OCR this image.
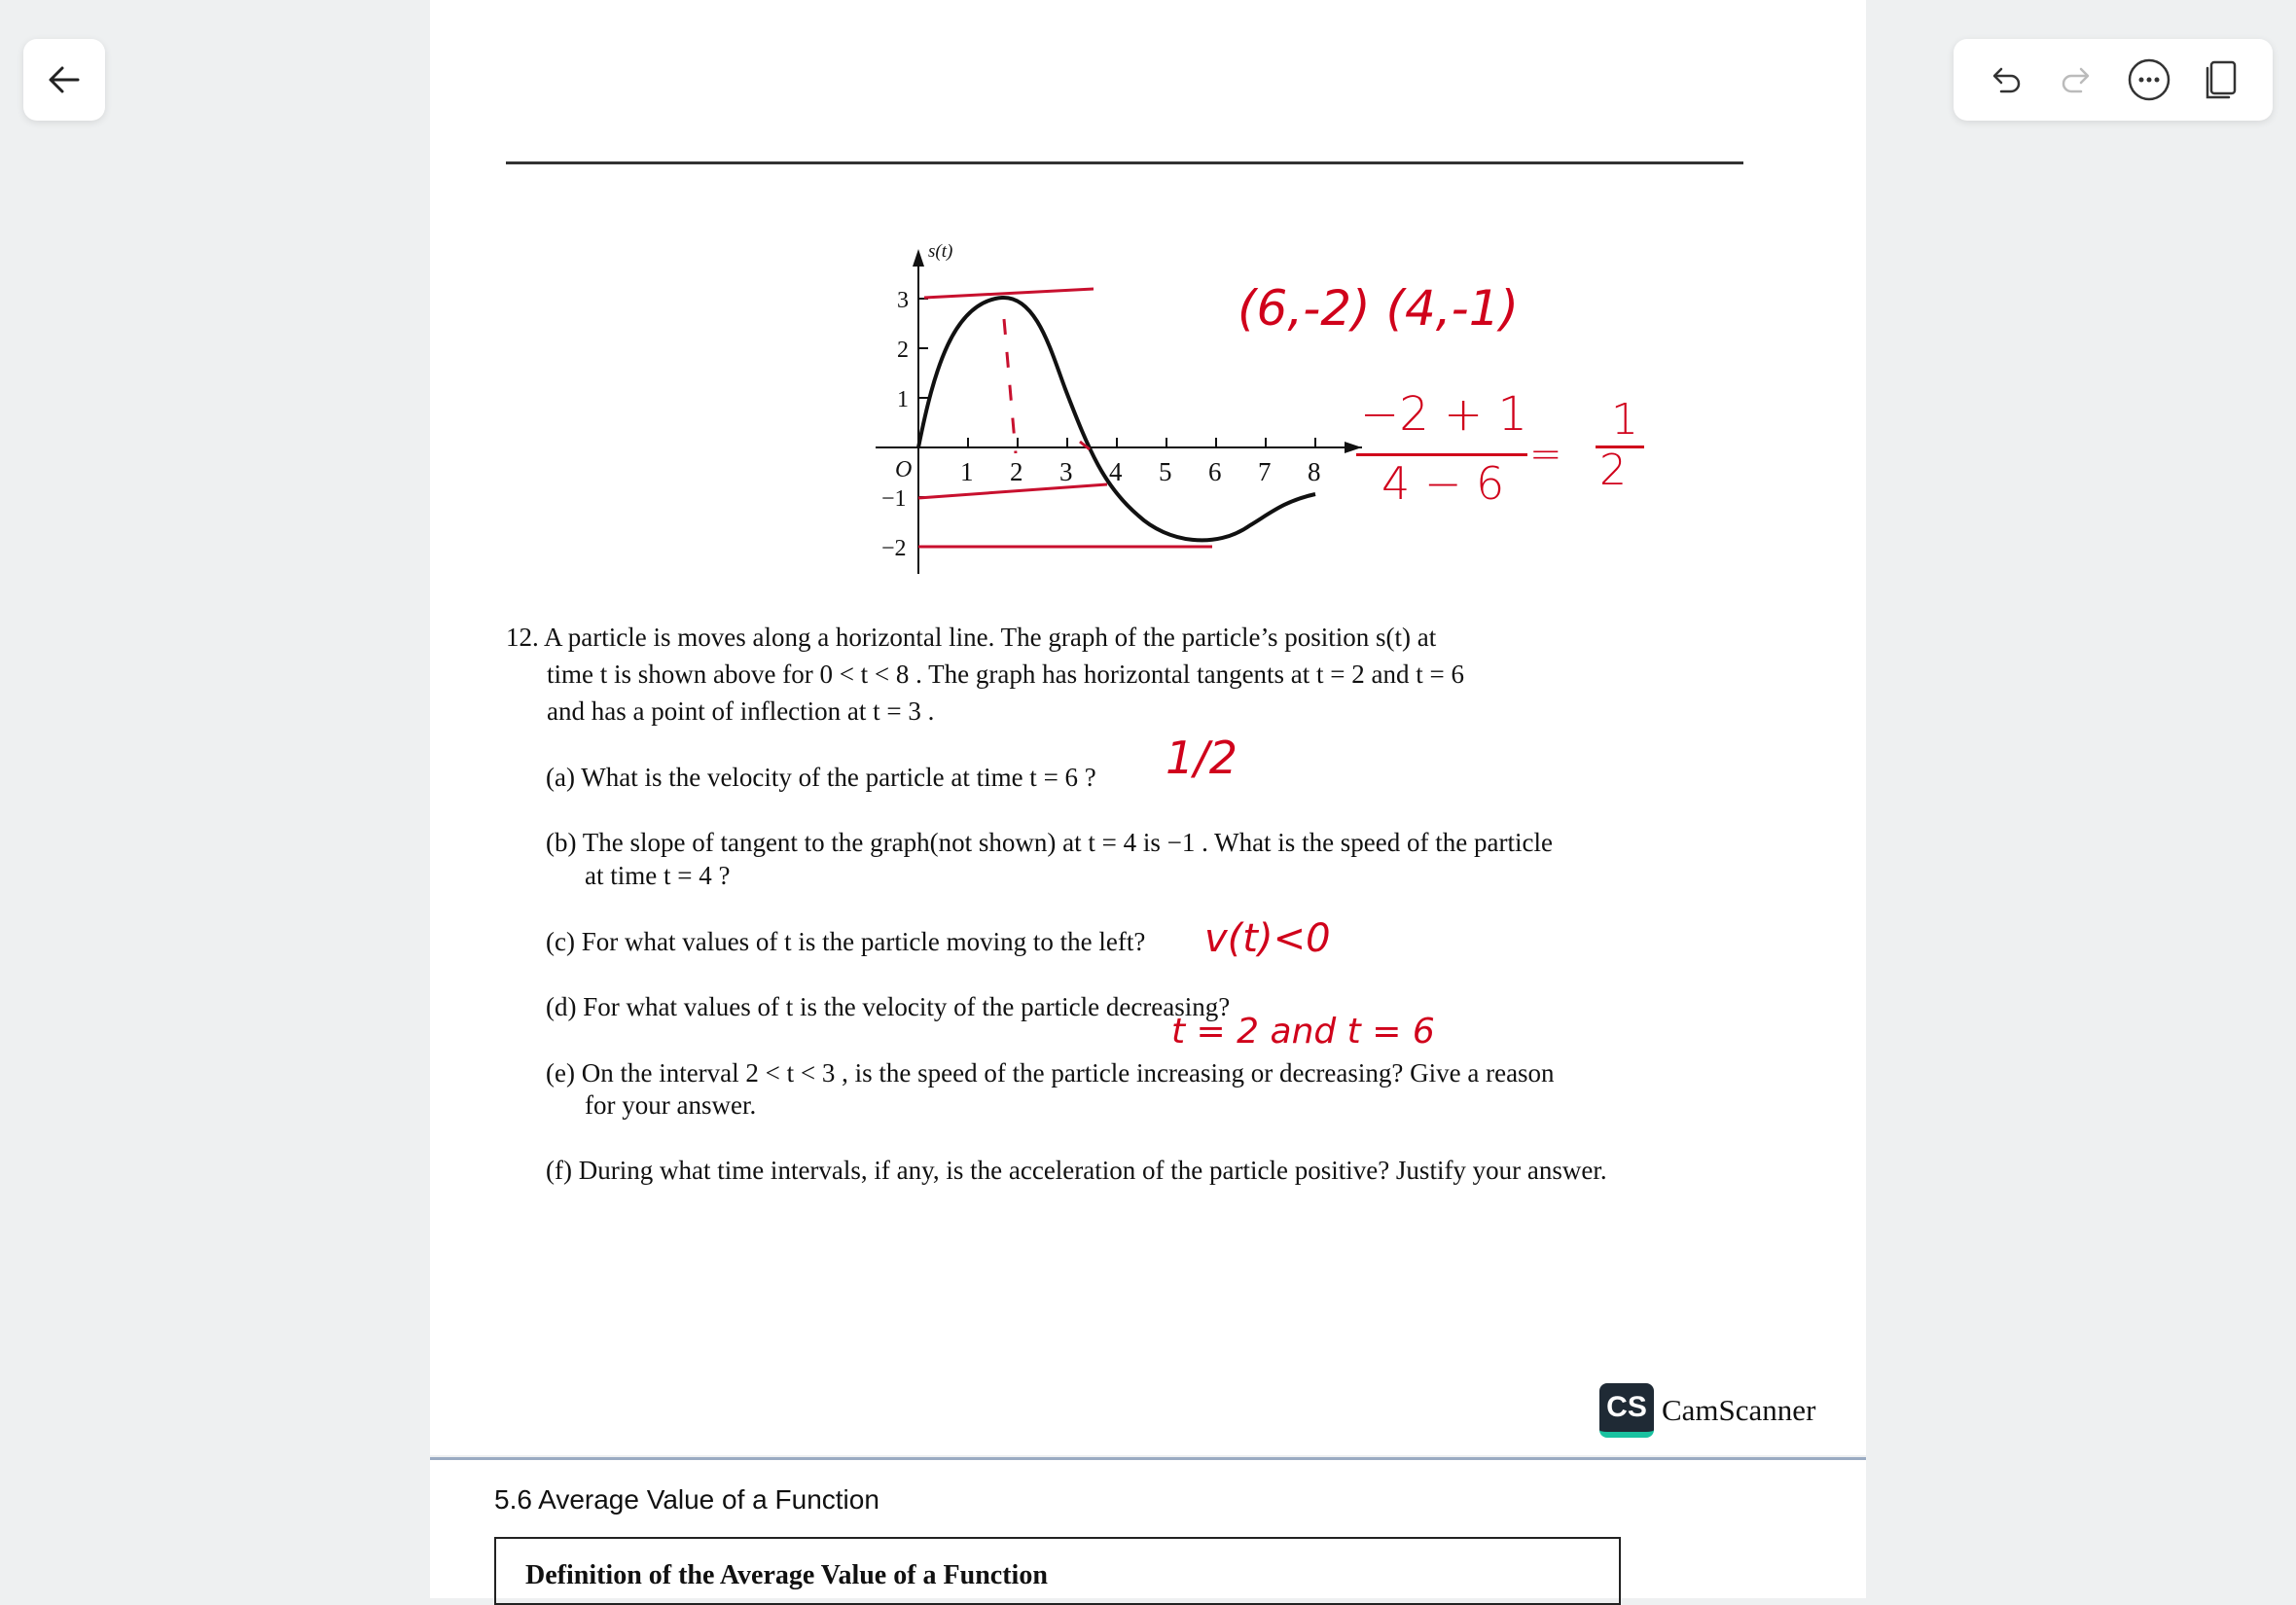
s(t)
O 1 2 3 4 5 6 7 8
3
2
1
−1
−2
(6,-2) (4,-1)
−2 + 1
4 − 6
=
1
2

12. A particle is moves along a horizontal line. The graph of the particle’s position s(t) at

time t is shown above for 0 < t < 8 . The graph has horizontal tangents at t = 2 and t = 6

and has a point of inflection at t = 3 .

(a) What is the velocity of the particle at time t = 6 ?
(b) The slope of tangent to the graph(not shown) at t = 4 is −1 . What is the speed of the particle
at time t = 4 ?
(c) For what values of t is the particle moving to the left?
(d) For what values of t is the velocity of the particle decreasing?
(e) On the interval 2 < t < 3 , is the speed of the particle increasing or decreasing? Give a reason
for your answer.
(f) During what time intervals, if any, is the acceleration of the particle positive? Justify your answer.
1/2
v(t)<0
t = 2 and t = 6
CS CamScanner
5.6 Average Value of a Function
Definition of the Average Value of a Function
